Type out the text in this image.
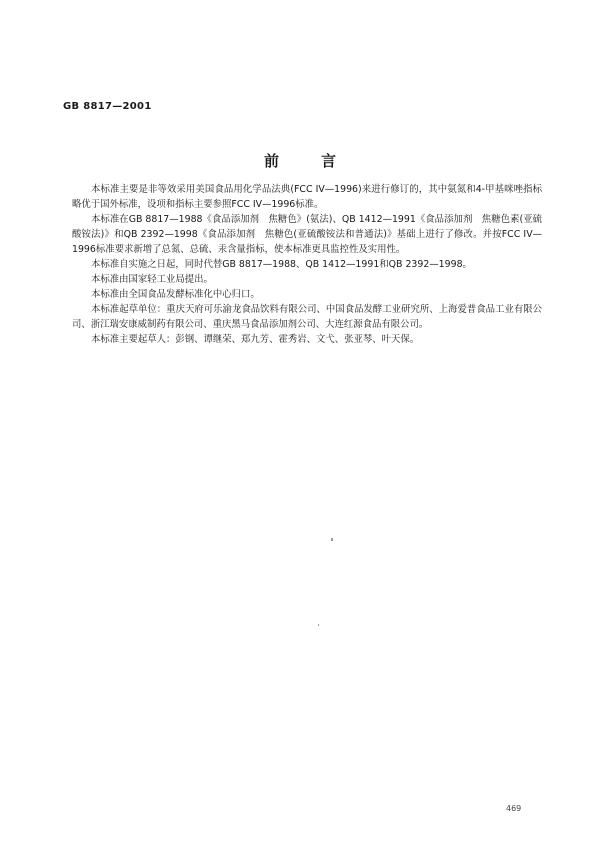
GB 8817—2001
前	言

本标准主要是非等效采用美国食品用化学品法典(FCC IV—1996)来进行修订的，其中氨氮和4-甲基咪唑指标略优于国外标准，设项和指标主要参照FCC IV—1996标准。

本标准在GB 8817—1988《食品添加剂　焦糖色》(氨法)、QB 1412—1991《食品添加剂　焦糖色素(亚硫酸铵法)》和QB 2392—1998《食品添加剂　焦糖色(亚硫酸铵法和普通法)》基础上进行了修改。并按FCC IV—1996标准要求新增了总氮、总硫、汞含量指标，使本标准更具监控性及实用性。

本标准自实施之日起，同时代替GB 8817—1988、QB 1412—1991和QB 2392—1998。

本标准由国家轻工业局提出。

本标准由全国食品发酵标准化中心归口。

本标准起草单位：重庆天府可乐渝龙食品饮料有限公司、中国食品发酵工业研究所、上海爱普食品工业有限公司、浙江瑞安康威制药有限公司、重庆黑马食品添加剂公司、大连红源食品有限公司。

本标准主要起草人：彭钢、谭继荣、郑九芳、霍秀岩、文弋、张亚琴、叶天保。

469
